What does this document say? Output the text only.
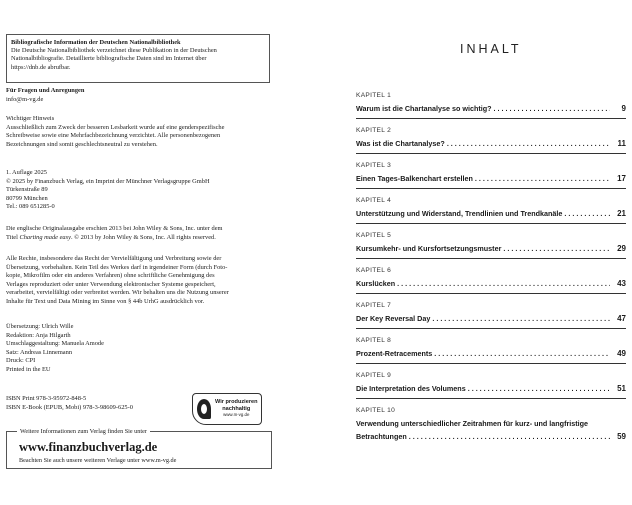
Bibliografische Information der Deutschen Nationalbibliothek
Die Deutsche Nationalbibliothek verzeichnet diese Publikation in der Deutschen
Nationalbibliografie. Detaillierte bibliografische Daten sind im Internet über
https://dnb.de abrufbar.
Für Fragen und Anregungen
info@m-vg.de
Wichtiger Hinweis
Ausschließlich zum Zweck der besseren Lesbarkeit wurde auf eine genderspezifische
Schreibweise sowie eine Mehrfachbezeichnung verzichtet. Alle personenbezogenen
Bezeichnungen sind somit geschlechtsneutral zu verstehen.
1. Auflage 2025
© 2025 by Finanzbuch Verlag, ein Imprint der Münchner Verlagsgruppe GmbH
Türkenstraße 89
80799 München
Tel.: 089 651285-0
Die englische Originalausgabe erschien 2013 bei John Wiley & Sons, Inc. unter dem
Titel Charting made easy. © 2013 by John Wiley & Sons, Inc. All rights reserved.
Alle Rechte, insbesondere das Recht der Vervielfältigung und Verbreitung sowie der
Übersetzung, vorbehalten. Kein Teil des Werkes darf in irgendeiner Form (durch Foto-
kopie, Mikrofilm oder ein anderes Verfahren) ohne schriftliche Genehmigung des
Verlages reproduziert oder unter Verwendung elektronischer Systeme gespeichert,
verarbeitet, vervielfältigt oder verbreitet werden. Wir behalten uns die Nutzung unserer
Inhalte für Text und Data Mining im Sinne von § 44b UrhG ausdrücklich vor.
Übersetzung: Ulrich Wille
Redaktion: Anja Hilgarth
Umschlaggestaltung: Manuela Amode
Satz: Andreas Linnemann
Druck: CPI
Printed in the EU
ISBN Print 978-3-95972-848-5
ISBN E-Book (EPUB, Mobi) 978-3-98609-625-0
Wir produzieren
nachhaltig
www.m-vg.de
Weitere Informationen zum Verlag finden Sie unter
www.finanzbuchverlag.de
Beachten Sie auch unsere weiteren Verlage unter www.m-vg.de
INHALT
KAPITEL 1
Warum ist die Chartanalyse so wichtig? . . .	9
KAPITEL 2
Was ist die Chartanalyse? . . .	11
KAPITEL 3
Einen Tages-Balkenchart erstellen . . .	17
KAPITEL 4
Unterstützung und Widerstand, Trendlinien und Trendkanäle . . .	21
KAPITEL 5
Kursumkehr- und Kursfortsetzungsmuster . . .	29
KAPITEL 6
Kurslücken . . .	43
KAPITEL 7
Der Key Reversal Day . . .	47
KAPITEL 8
Prozent-Retracements . . .	49
KAPITEL 9
Die Interpretation des Volumens . . .	51
KAPITEL 10
Verwendung unterschiedlicher Zeitrahmen für kurz- und langfristige
Betrachtungen . . .	59
